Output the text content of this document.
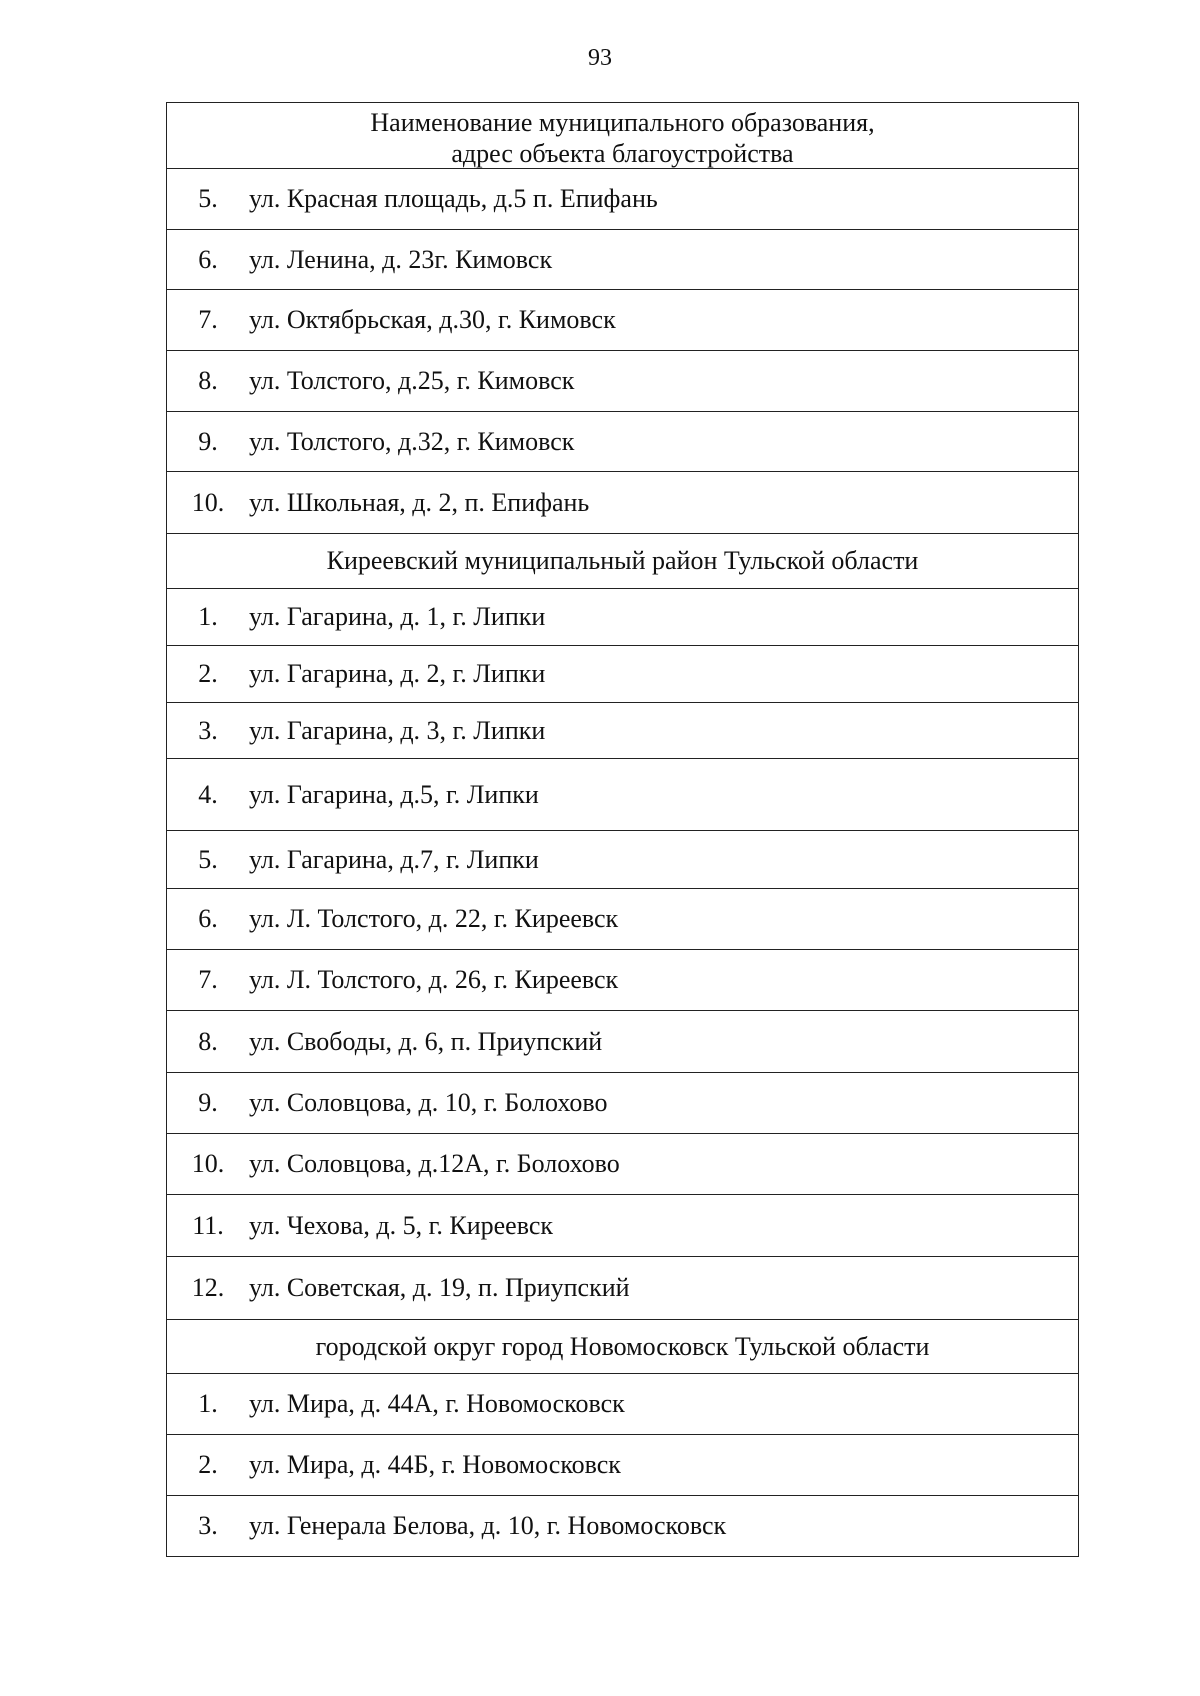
93
Наименование муниципального образования,
адрес объекта благоустройства
5.	ул. Красная площадь, д.5 п. Епифань
6.	ул. Ленина, д. 23г. Кимовск
7.	ул. Октябрьская, д.30, г. Кимовск
8.	ул. Толстого, д.25, г. Кимовск
9.	ул. Толстого, д.32, г. Кимовск
10. ул. Школьная, д. 2, п. Епифань
Киреевский муниципальный район Тульской области
1.	ул. Гагарина, д. 1, г. Липки
2.	ул. Гагарина, д. 2, г. Липки
3.	ул. Гагарина, д. 3, г. Липки
4.	ул. Гагарина, д.5, г. Липки
5.	ул. Гагарина, д.7, г. Липки
6.	ул. Л. Толстого, д. 22, г. Киреевск
7.	ул. Л. Толстого, д. 26, г. Киреевск
8.	ул. Свободы, д. 6, п. Приупский
9.	ул. Соловцова, д. 10, г. Болохово
10. ул. Соловцова, д.12А, г. Болохово
11. ул. Чехова, д. 5, г. Киреевск
12. ул. Советская, д. 19, п. Приупский
городской округ город Новомосковск Тульской области
1.	ул. Мира, д. 44А, г. Новомосковск
2.	ул. Мира, д. 44Б, г. Новомосковск
3.	ул. Генерала Белова, д. 10, г. Новомосковск
